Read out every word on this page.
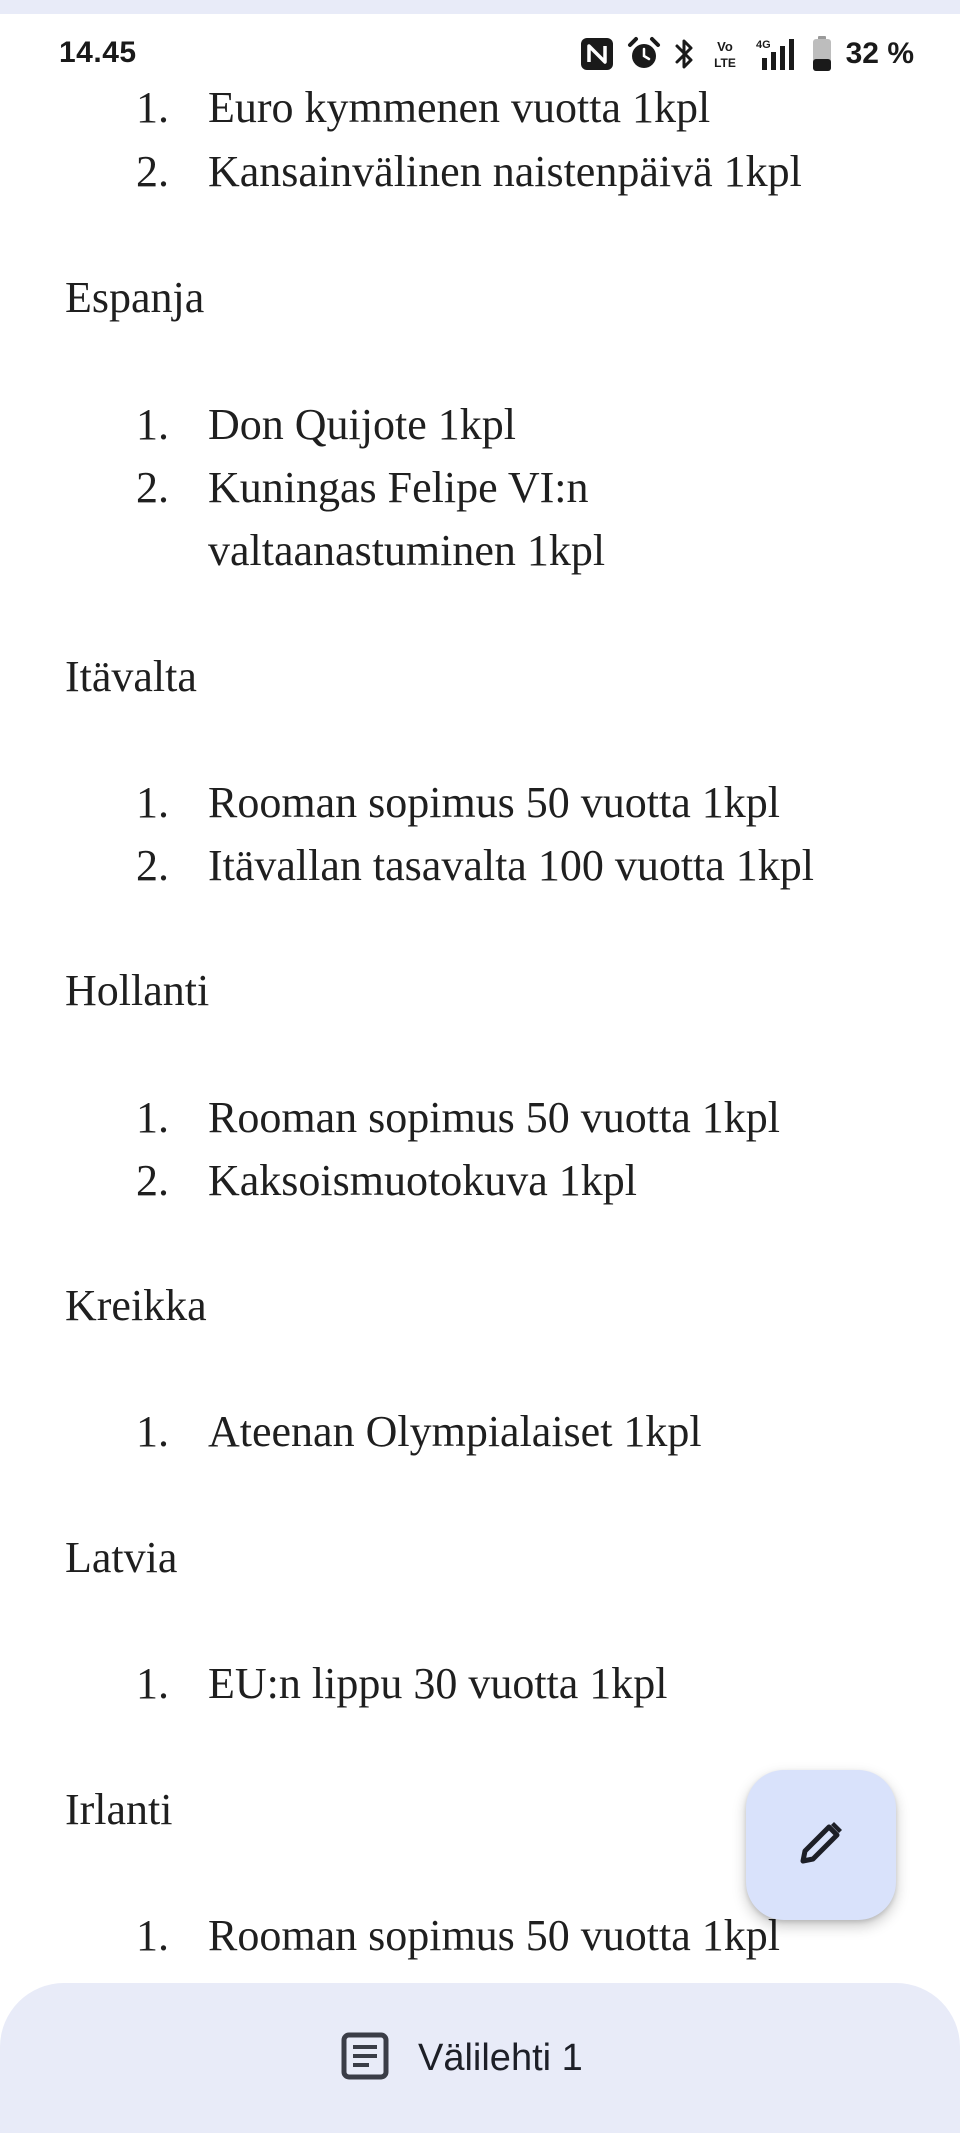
14.45	Vo
LTE
4G	32 %
1. Euro kymmenen vuotta 1kpl
2. Kansainvälinen naistenpäivä 1kpl
Espanja
1. Don Quijote 1kpl
2. Kuningas Felipe VI:n
valtaanastuminen 1kpl
Itävalta
1. Rooman sopimus 50 vuotta 1kpl
2. Itävallan tasavalta 100 vuotta 1kpl
Hollanti
1. Rooman sopimus 50 vuotta 1kpl
2. Kaksoismuotokuva 1kpl
Kreikka
1. Ateenan Olympialaiset 1kpl
Latvia
1. EU:n lippu 30 vuotta 1kpl
Irlanti
1. Rooman sopimus 50 vuotta 1kpl
Välilehti 1
